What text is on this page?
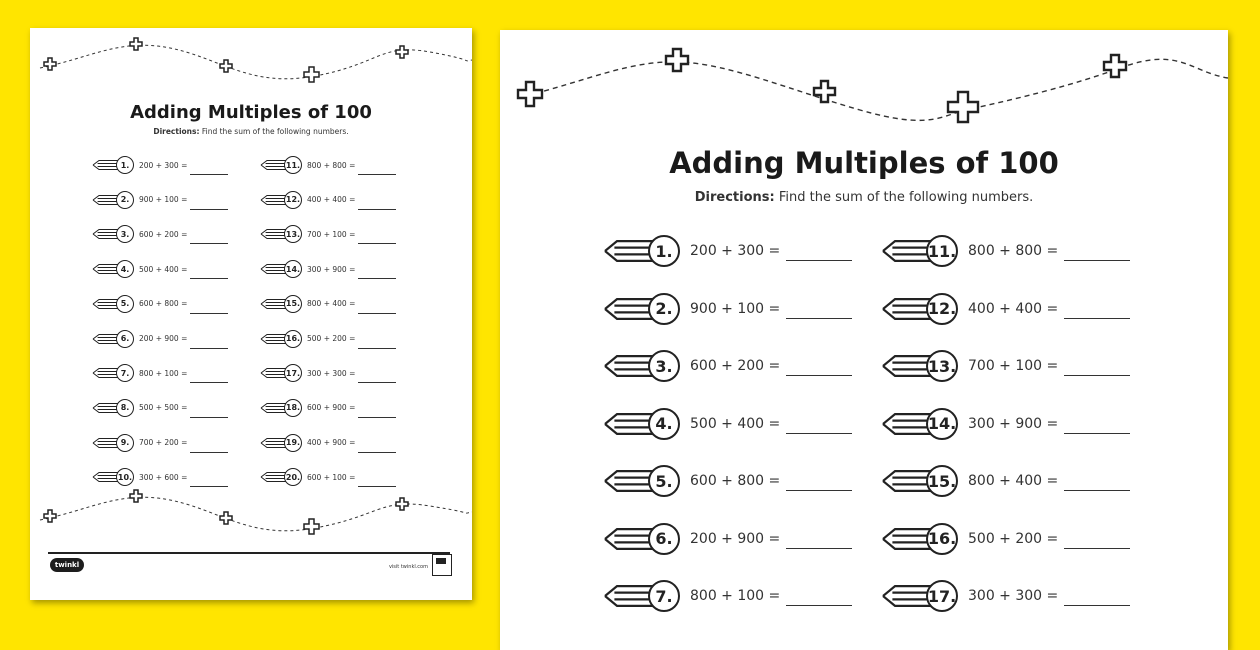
Adding Multiples of 100
Directions: Find the sum of the following numbers.
1.	200 + 300 =

2.	900 + 100 =

3.	600 + 200 =

4.	500 + 400 =

5.	600 + 800 =

6.	200 + 900 =

7.	800 + 100 =

8.	500 + 500 =

9.	700 + 200 =

10. 300 + 600 =

11. 800 + 800 =

12. 400 + 400 =

13. 700 + 100 =

14. 300 + 900 =

15. 800 + 400 =

16. 500 + 200 =

17. 300 + 300 =

18. 600 + 900 =

19. 400 + 900 =

20. 600 + 100 =

twinkl	visit twinkl.com
Adding Multiples of 100
Directions: Find the sum of the following numbers.
1.	200 + 300 =

2.	900 + 100 =

3.	600 + 200 =

4.	500 + 400 =

5.	600 + 800 =

6.	200 + 900 =

7.	800 + 100 =

11. 800 + 800 =

12. 400 + 400 =

13. 700 + 100 =

14. 300 + 900 =

15. 800 + 400 =

16. 500 + 200 =

17. 300 + 300 =
